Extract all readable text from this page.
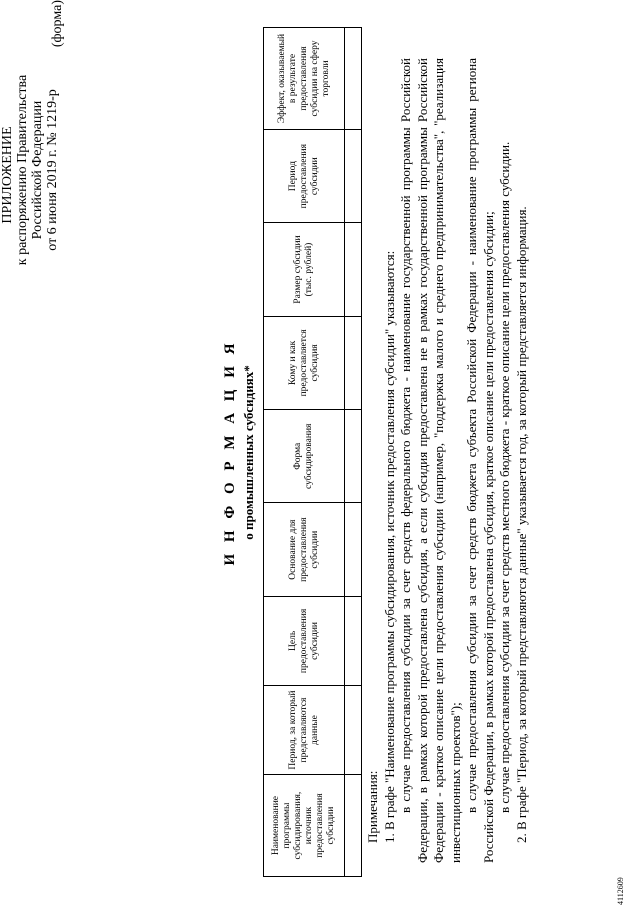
ПРИЛОЖЕНИЕ к распоряжению Правительства Российской Федерации от 6 июня 2019 г. № 1219-р
(форма)
И Н Ф О Р М А Ц И Я о промышленных субсидиях*
Наименование программы субсидирования, источник предоставления субсидии	Период, за который представляются данные	Цель предоставления субсидии	Основание для предоставления субсидии	Форма субсидирования	Кому и как предоставляется субсидия	Размер субсидии (тыс. рублей)	Период предоставления субсидии	Эффект, оказываемый в результате предоставления субсидии на сферу торговли

Примечания: 1. В графе "Наименование программы субсидирования, источник предоставления субсидии" указываются: в случае предоставления субсидии за счет средств федерального бюджета - наименование государственной программы Российской Федерации, в рамках которой предоставлена субсидия, а если субсидия предоставлена не в рамках государственной программы Российской Федерации - краткое описание цели предоставления субсидии (например, "поддержка малого и среднего предпринимательства", "реализация инвестиционных проектов"); в случае предоставления субсидии за счет средств бюджета субъекта Российской Федерации - наименование программы региона Российской Федерации, в рамках которой предоставлена субсидия, краткое описание цели предоставления субсидии; в случае предоставления субсидии за счет средств местного бюджета - краткое описание цели предоставления субсидии. 2. В графе "Период, за который представляются данные" указывается год, за который представляется информация.

4112609
